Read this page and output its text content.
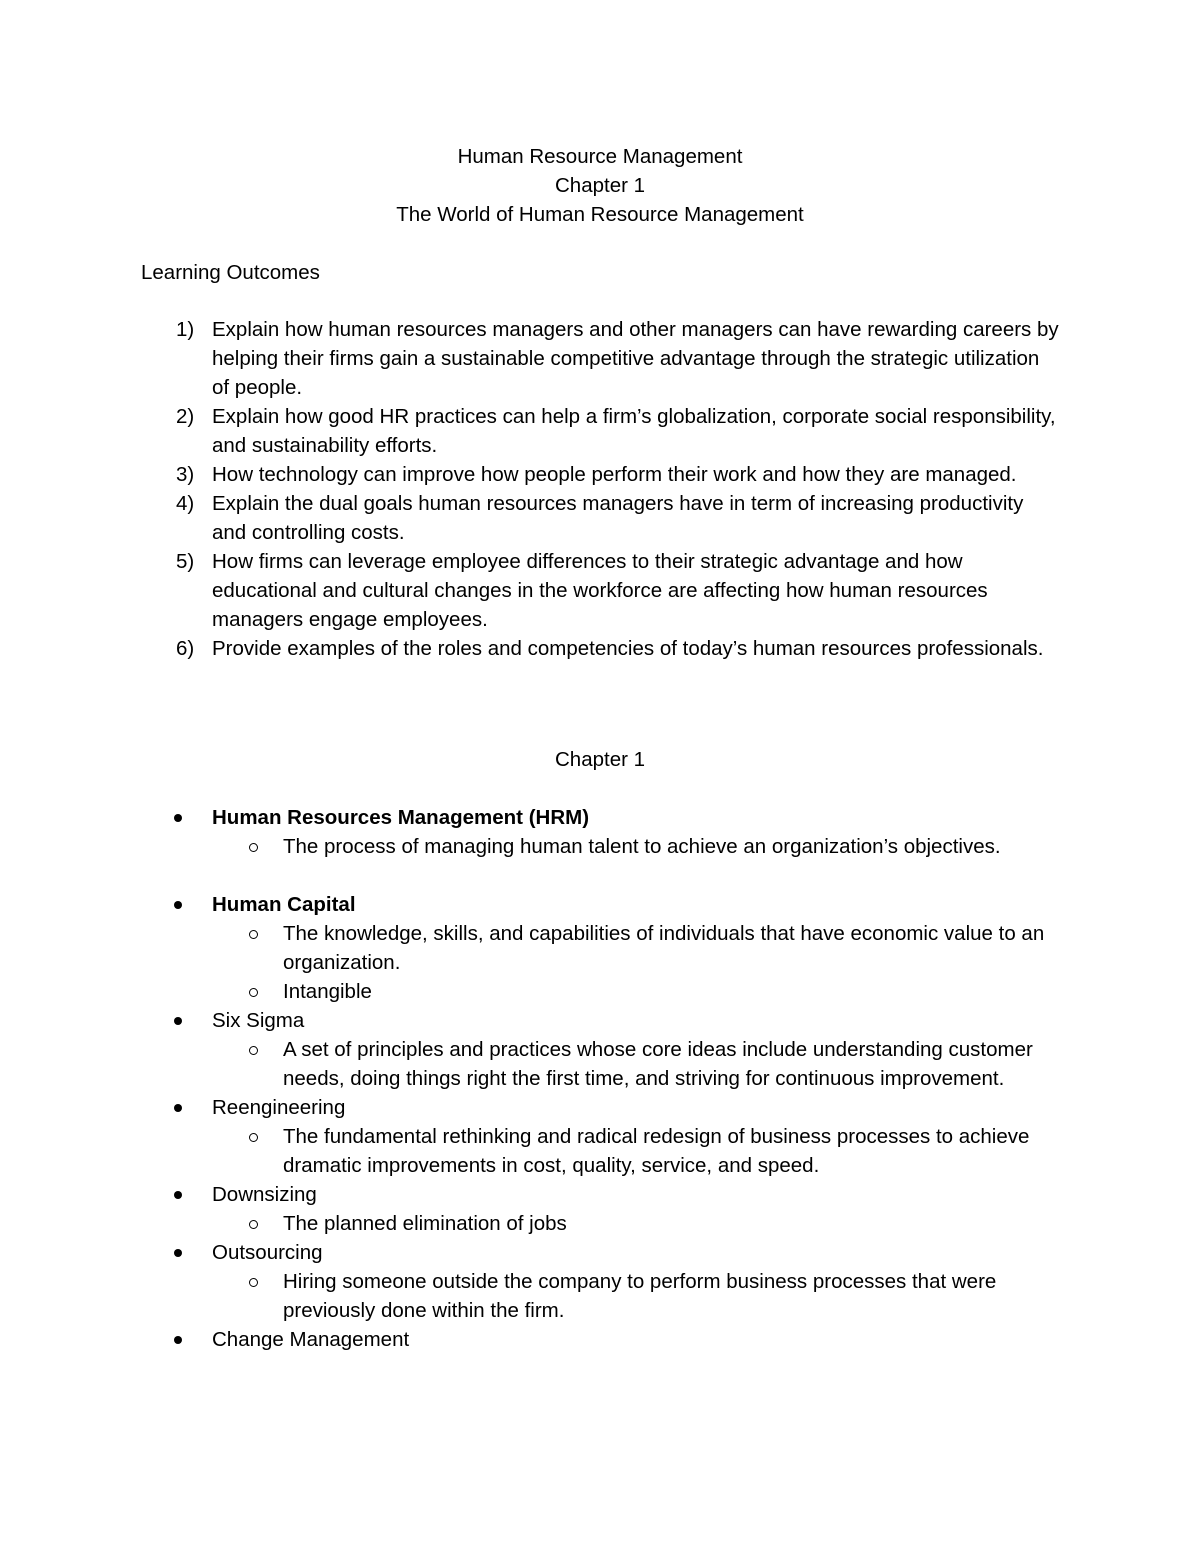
Human Resource Management
Chapter 1
The World of Human Resource Management
Learning Outcomes
1) Explain how human resources managers and other managers can have rewarding careers by helping their firms gain a sustainable competitive advantage through the strategic utilization of people.
2) Explain how good HR practices can help a firm’s globalization, corporate social responsibility, and sustainability efforts.
3) How technology can improve how people perform their work and how they are managed.
4) Explain the dual goals human resources managers have in term of increasing productivity and controlling costs.
5) How firms can leverage employee differences to their strategic advantage and how educational and cultural changes in the workforce are affecting how human resources managers engage employees.
6) Provide examples of the roles and competencies of today’s human resources professionals.
Chapter 1
Human Resources Management (HRM)
The process of managing human talent to achieve an organization’s objectives.
Human Capital
The knowledge, skills, and capabilities of individuals that have economic value to an organization.
Intangible
Six Sigma
A set of principles and practices whose core ideas include understanding customer needs, doing things right the first time, and striving for continuous improvement.
Reengineering
The fundamental rethinking and radical redesign of business processes to achieve dramatic improvements in cost, quality, service, and speed.
Downsizing
The planned elimination of jobs
Outsourcing
Hiring someone outside the company to perform business processes that were previously done within the firm.
Change Management
